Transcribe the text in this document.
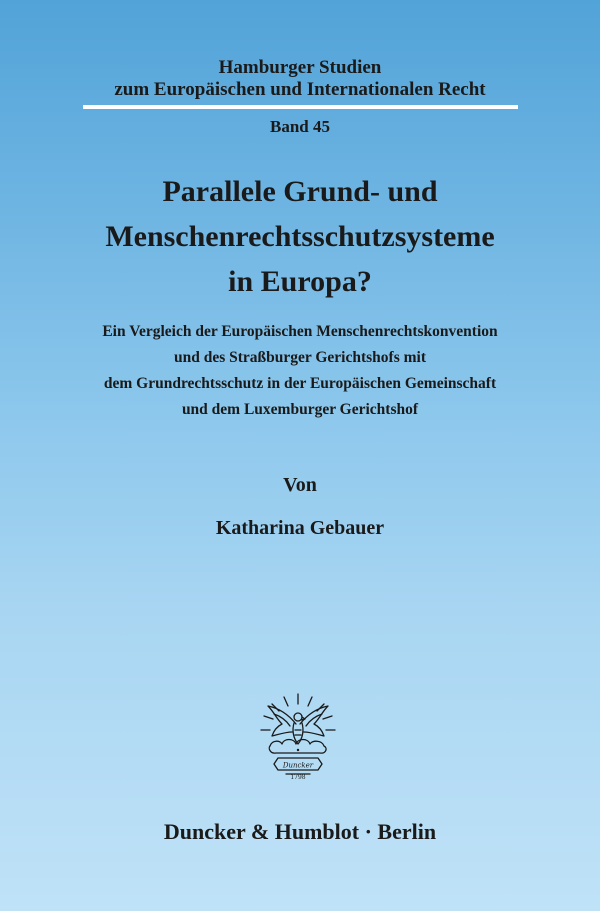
Hamburger Studien
zum Europäischen und Internationalen Recht
Band 45
Parallele Grund- und
Menschenrechtsschutzsysteme
in Europa?
Ein Vergleich der Europäischen Menschenrechtskonvention
und des Straßburger Gerichtshofs mit
dem Grundrechtsschutz in der Europäischen Gemeinschaft
und dem Luxemburger Gerichtshof
Von
Katharina Gebauer
Duncker
1798
Duncker & Humblot · Berlin
